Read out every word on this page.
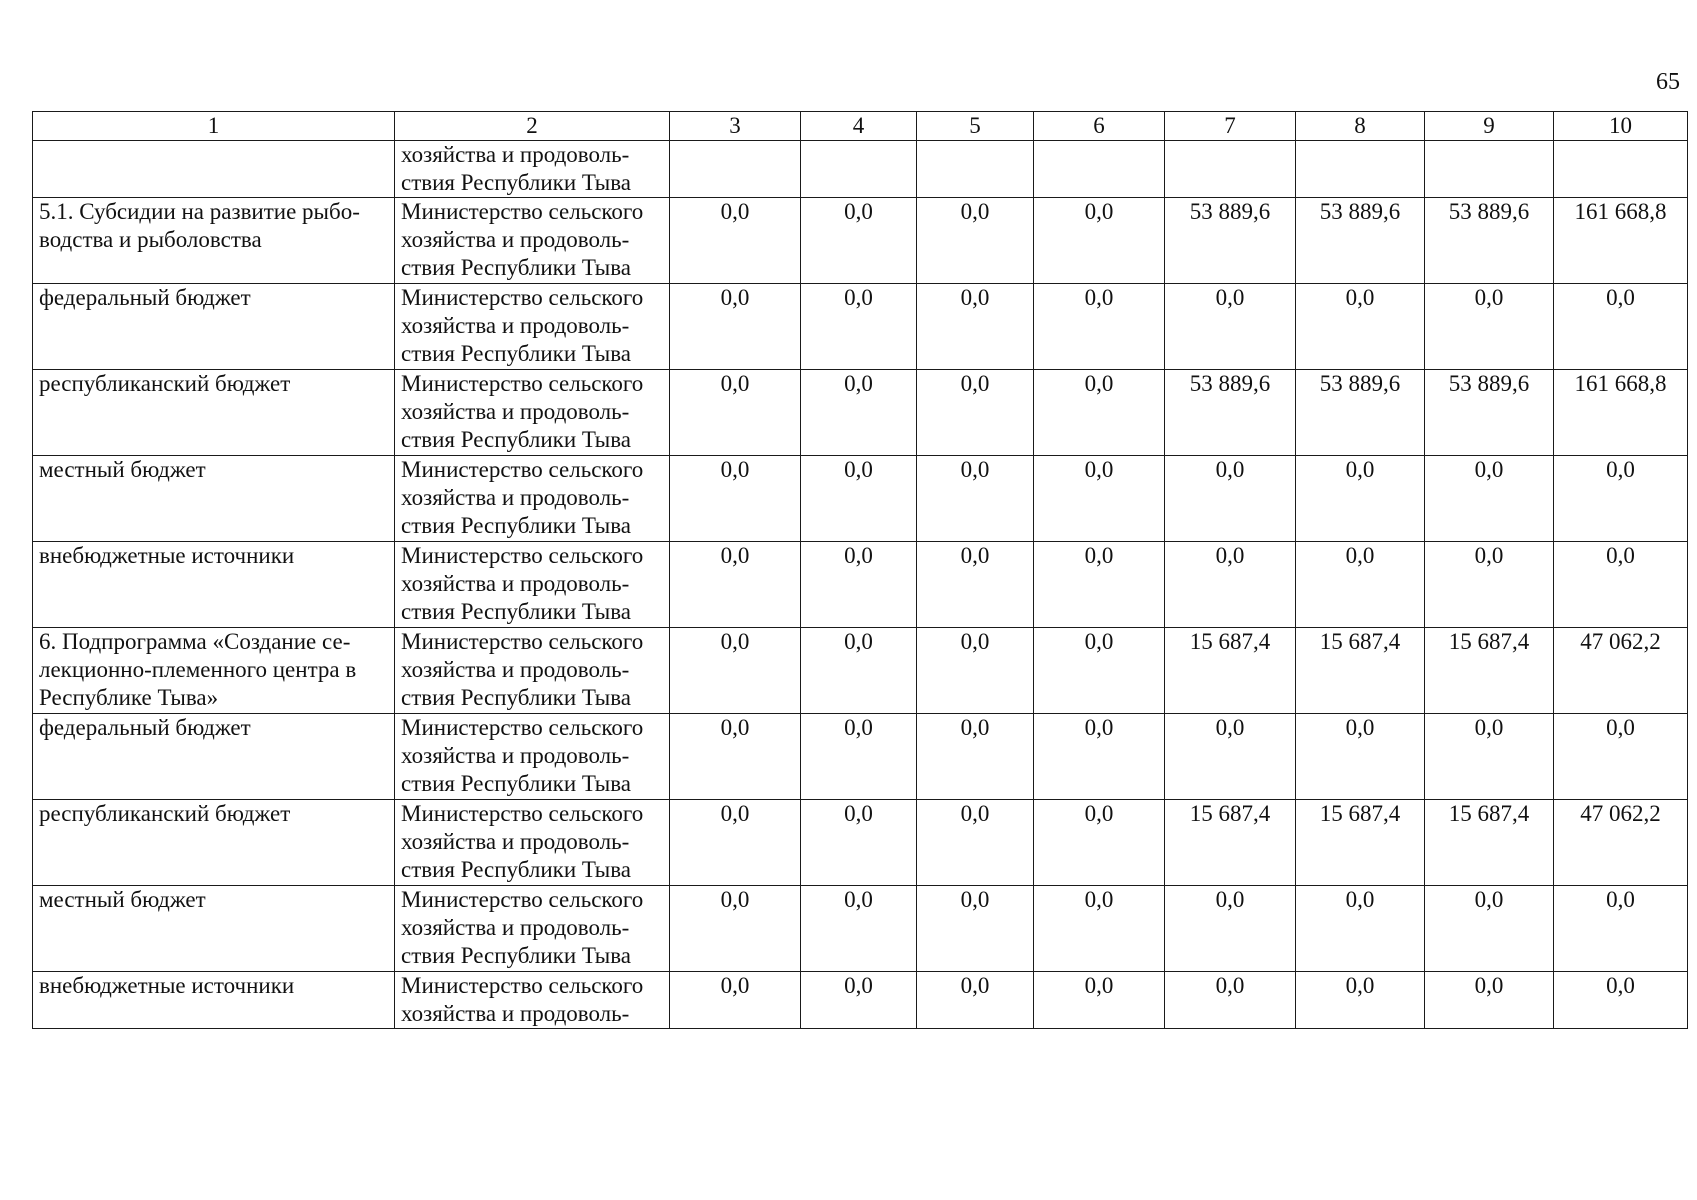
65
1	2	3	4	5	6	7	8	9	10
	хозяйства и продоволь-ствия Республики Тыва								
5.1. Субсидии на развитие рыбо-водства и рыболовства	Министерство сельского хозяйства и продоволь-ствия Республики Тыва	0,0	0,0	0,0	0,0	53 889,6	53 889,6	53 889,6	161 668,8
федеральный бюджет	Министерство сельского хозяйства и продоволь-ствия Республики Тыва	0,0	0,0	0,0	0,0	0,0	0,0	0,0	0,0
республиканский бюджет	Министерство сельского хозяйства и продоволь-ствия Республики Тыва	0,0	0,0	0,0	0,0	53 889,6	53 889,6	53 889,6	161 668,8
местный бюджет	Министерство сельского хозяйства и продоволь-ствия Республики Тыва	0,0	0,0	0,0	0,0	0,0	0,0	0,0	0,0
внебюджетные источники	Министерство сельского хозяйства и продоволь-ствия Республики Тыва	0,0	0,0	0,0	0,0	0,0	0,0	0,0	0,0
6. Подпрограмма «Создание се-лекционно-племенного центра в Республике Тыва»	Министерство сельского хозяйства и продоволь-ствия Республики Тыва	0,0	0,0	0,0	0,0	15 687,4	15 687,4	15 687,4	47 062,2
федеральный бюджет	Министерство сельского хозяйства и продоволь-ствия Республики Тыва	0,0	0,0	0,0	0,0	0,0	0,0	0,0	0,0
республиканский бюджет	Министерство сельского хозяйства и продоволь-ствия Республики Тыва	0,0	0,0	0,0	0,0	15 687,4	15 687,4	15 687,4	47 062,2
местный бюджет	Министерство сельского хозяйства и продоволь-ствия Республики Тыва	0,0	0,0	0,0	0,0	0,0	0,0	0,0	0,0
внебюджетные источники	Министерство сельского хозяйства и продоволь-	0,0	0,0	0,0	0,0	0,0	0,0	0,0	0,0
